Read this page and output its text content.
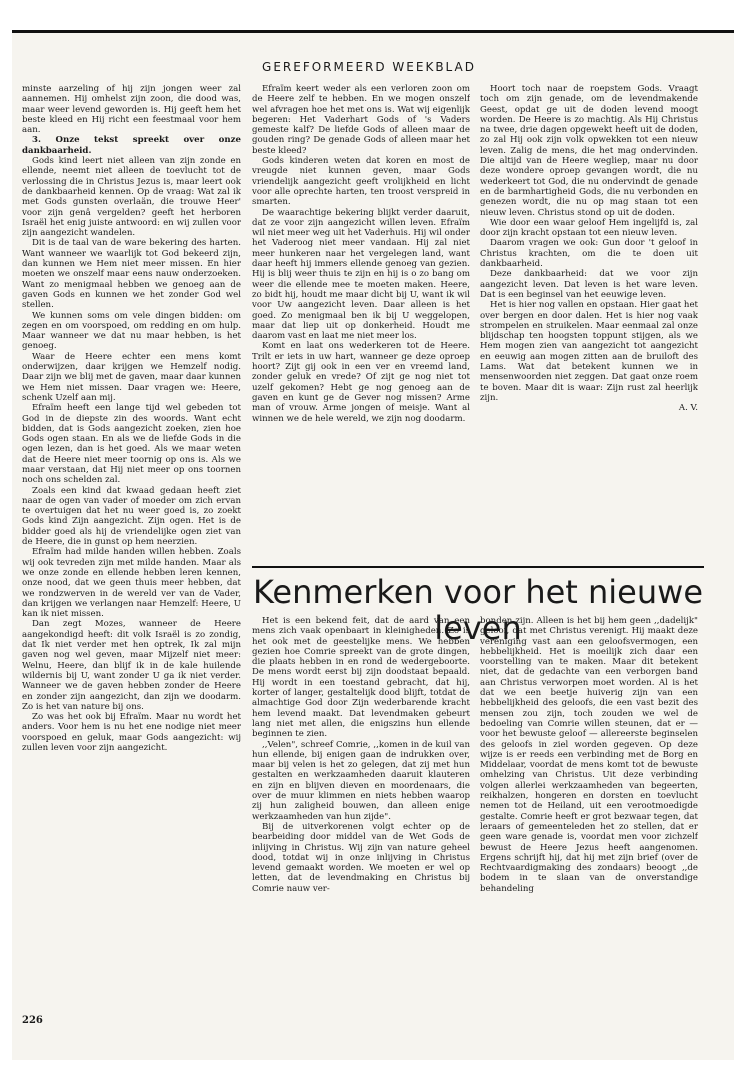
GEREFORMEERD WEEKBLAD

minste aarzeling of hij zijn jongen weer zal aannemen. Hij omhelst zijn zoon, die dood was, maar weer levend geworden is. Hij geeft hem het beste kleed en Hij richt een feestmaal voor hem aan.

3. Onze tekst spreekt over onze dankbaarheid.

Gods kind leert niet alleen van zijn zonde en ellende, neemt niet alleen de toevlucht tot de verlossing die in Christus Jezus is, maar leert ook de dankbaarheid kennen. Op de vraag: Wat zal ik met Gods gunsten overlaän, die trouwe Heer' voor zijn genâ vergelden? geeft het herboren Israël het enig juiste antwoord: en wij zullen voor zijn aangezicht wandelen.

Dit is de taal van de ware bekering des harten. Want wanneer we waarlijk tot God bekeerd zijn, dan kunnen we Hem niet meer missen. En hier moeten we onszelf maar eens nauw onderzoeken. Want zo menigmaal hebben we genoeg aan de gaven Gods en kunnen we het zonder God wel stellen.

We kunnen soms om vele dingen bidden: om zegen en om voorspoed, om redding en om hulp. Maar wanneer we dat nu maar hebben, is het genoeg.

Waar de Heere echter een mens komt onderwijzen, daar krijgen we Hemzelf nodig. Daar zijn we blij met de gaven, maar daar kunnen we Hem niet missen. Daar vragen we: Heere, schenk Uzelf aan mij.

Efraïm heeft een lange tijd wel gebeden tot God in de diepste zin des woords. Want echt bidden, dat is Gods aangezicht zoeken, zien hoe Gods ogen staan. En als we de liefde Gods in die ogen lezen, dan is het goed. Als we maar weten dat de Heere niet meer toornig op ons is. Als we maar verstaan, dat Hij niet meer op ons toornen noch ons schelden zal.

Zoals een kind dat kwaad gedaan heeft ziet naar de ogen van vader of moeder om zich ervan te overtuigen dat het nu weer goed is, zo zoekt Gods kind Zijn aangezicht. Zijn ogen. Het is de bidder goed als hij de vriendelijke ogen ziet van de Heere, die in gunst op hem neerzien.

Efraïm had milde handen willen hebben. Zoals wij ook tevreden zijn met milde handen. Maar als we onze zonde en ellende hebben leren kennen, onze nood, dat we geen thuis meer hebben, dat we rondzwerven in de wereld ver van de Vader, dan krijgen we verlangen naar Hemzelf: Heere, U kan ik niet missen.

Dan zegt Mozes, wanneer de Heere aangekondigd heeft: dit volk Israël is zo zondig, dat Ik niet verder met hen optrek, Ik zal mijn gaven nog wel geven, maar Mijzelf niet meer: Welnu, Heere, dan blijf ik in de kale huilende wildernis bij U, want zonder U ga ik niet verder. Wanneer we de gaven hebben zonder de Heere en zonder zijn aangezicht, dan zijn we doodarm. Zo is het van nature bij ons.

Zo was het ook bij Efraïm. Maar nu wordt het anders. Voor hem is nu het ene nodige niet meer voorspoed en geluk, maar Gods aangezicht: wij zullen leven voor zijn aangezicht.

Efraïm keert weder als een verloren zoon om de Heere zelf te hebben. En we mogen onszelf wel afvragen hoe het met ons is. Wat wij eigenlijk begeren: Het Vaderhart Gods of 's Vaders gemeste kalf? De liefde Gods of alleen maar de gouden ring? De genade Gods of alleen maar het beste kleed?

Gods kinderen weten dat koren en most de vreugde niet kunnen geven, maar Gods vriendelijk aangezicht geeft vrolijkheid en licht voor alle oprechte harten, ten troost verspreid in smarten.

De waarachtige bekering blijkt verder daaruit, dat ze voor zijn aangezicht willen leven. Efraïm wil niet meer weg uit het Vaderhuis. Hij wil onder het Vaderoog niet meer vandaan. Hij zal niet meer hunkeren naar het vergelegen land, want daar heeft hij immers ellende genoeg van gezien. Hij is blij weer thuis te zijn en hij is o zo bang om weer die ellende mee te moeten maken. Heere, zo bidt hij, houdt me maar dicht bij U, want ik wil voor Uw aangezicht leven. Daar alleen is het goed. Zo menigmaal ben ik bij U weggelopen, maar dat liep uit op donkerheid. Houdt me daarom vast en laat me niet meer los.

Komt en laat ons wederkeren tot de Heere. Trilt er iets in uw hart, wanneer ge deze oproep hoort? Zijt gij ook in een ver en vreemd land, zonder geluk en vrede? Of zijt ge nog niet tot uzelf gekomen? Hebt ge nog genoeg aan de gaven en kunt ge de Gever nog missen? Arme man of vrouw. Arme jongen of meisje. Want al winnen we de hele wereld, we zijn nog doodarm.

Hoort toch naar de roepstem Gods. Vraagt toch om zijn genade, om de levendmakende Geest, opdat ge uit de doden levend moogt worden. De Heere is zo machtig. Als Hij Christus na twee, drie dagen opgewekt heeft uit de doden, zo zal Hij ook zijn volk opwekken tot een nieuw leven. Zalig de mens, die het mag ondervinden. Die altijd van de Heere wegliep, maar nu door deze wondere oproep gevangen wordt, die nu wederkeert tot God, die nu ondervindt de genade en de barmhartigheid Gods, die nu verbonden en genezen wordt, die nu op mag staan tot een nieuw leven. Christus stond op uit de doden.

Wie door een waar geloof Hem ingelijfd is, zal door zijn kracht opstaan tot een nieuw leven.

Daarom vragen we ook: Gun door 't geloof in Christus krachten, om die te doen uit dankbaarheid.

Deze dankbaarheid: dat we voor zijn aangezicht leven. Dat leven is het ware leven. Dat is een beginsel van het eeuwige leven.

Het is hier nog vallen en opstaan. Hier gaat het over bergen en door dalen. Het is hier nog vaak strompelen en struikelen. Maar eenmaal zal onze blijdschap ten hoogsten toppunt stijgen, als we Hem mogen zien van aangezicht tot aangezicht en eeuwig aan mogen zitten aan de bruiloft des Lams. Wat dat betekent kunnen we in mensenwoorden niet zeggen. Dat gaat onze roem te boven. Maar dit is waar: Zijn rust zal heerlijk zijn.

A. V.

Kenmerken voor het nieuwe leven

Het is een bekend feit, dat de aard van een mens zich vaak openbaart in kleinigheden. Zo is het ook met de geestelijke mens. We hebben gezien hoe Comrie spreekt van de grote dingen, die plaats hebben in en rond de wedergeboorte. De mens wordt eerst bij zijn doodstaat bepaald. Hij wordt in een toestand gebracht, dat hij, korter of langer, gestaltelijk dood blijft, totdat de almachtige God door Zijn wederbarende kracht hem levend maakt. Dat levendmaken gebeurt lang niet met allen, die enigszins hun ellende beginnen te zien.

,,Velen", schreef Comrie, ,,komen in de kuil van hun ellende, bij enigen gaan de indrukken over, maar bij velen is het zo gelegen, dat zij met hun gestalten en werkzaamheden daaruit klauteren en zijn en blijven dieven en moordenaars, die over de muur klimmen en niets hebben waarop zij hun zaligheid bouwen, dan alleen enige werkzaamheden van hun zijde".

Bij de uitverkorenen volgt echter op de bearbeiding door middel van de Wet Gods de inlijving in Christus. Wij zijn van nature geheel dood, totdat wij in onze inlijving in Christus levend gemaakt worden. We moeten er wel op letten, dat de levendmaking en Christus bij Comrie nauw ver-

bonden zijn. Alleen is het bij hem geen ,,dadelijk" geloof, dat met Christus verenigt. Hij maakt deze vereniging vast aan een geloofsvermogen, een hebbelijkheid. Het is moeilijk zich daar een voorstelling van te maken. Maar dit betekent niet, dat de gedachte van een verborgen band aan Christus verworpen moet worden. Al is het dat we een beetje huiverig zijn van een hebbelijkheid des geloofs, die een vast bezit des mensen zou zijn, toch zouden we wel de bedoeling van Comrie willen steunen, dat er — voor het bewuste geloof — allereerste beginselen des geloofs in ziel worden gegeven. Op deze wijze is er reeds een verbinding met de Borg en Middelaar, voordat de mens komt tot de bewuste omhelzing van Christus. Uit deze verbinding volgen allerlei werkzaamheden van begeerten, reikhalzen, hongeren en dorsten en toevlucht nemen tot de Heiland, uit een verootmoedigde gestalte. Comrie heeft er grot bezwaar tegen, dat leraars of gemeenteleden het zo stellen, dat er geen ware genade is, voordat men voor zichzelf bewust de Heere Jezus heeft aangenomen. Ergens schrijft hij, dat hij met zijn brief (over de Rechtvaardigmaking des zondaars) beoogt ,,de bodem in te slaan van de onverstandige behandeling

226
